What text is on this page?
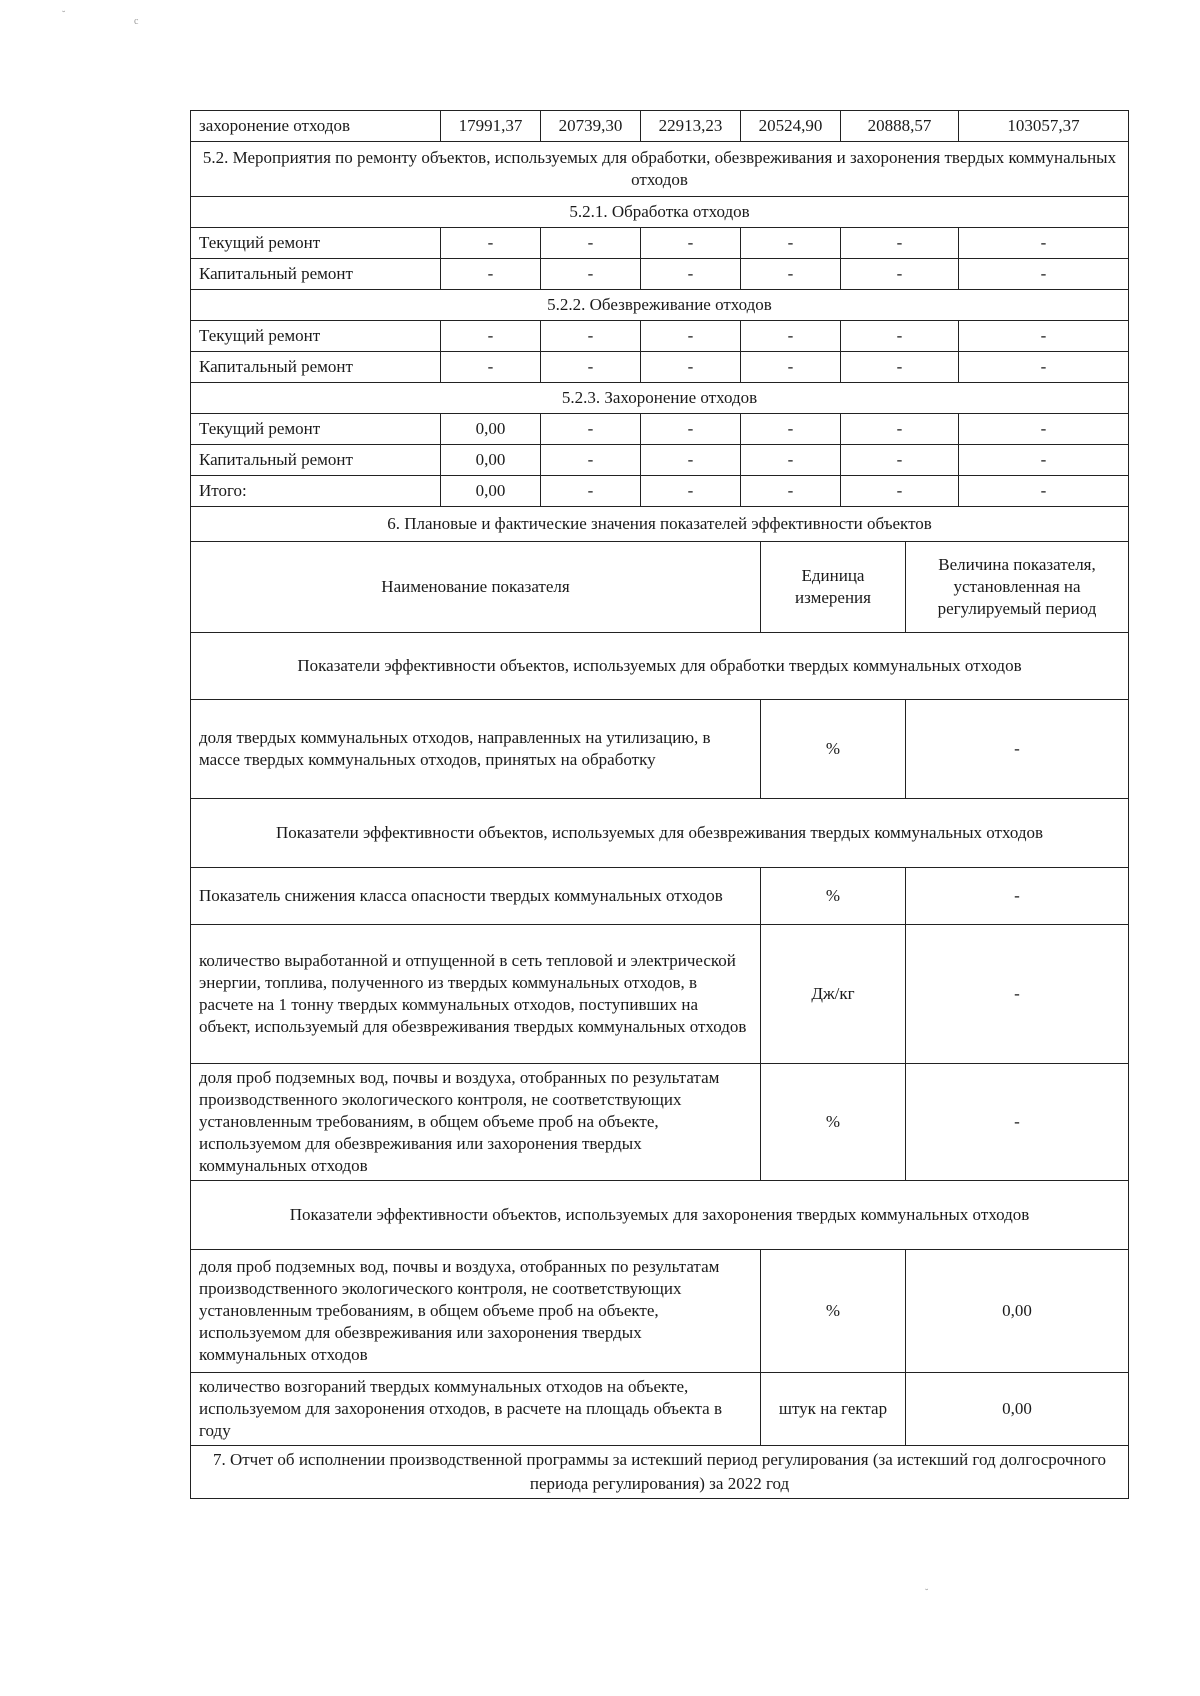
˘
c
захоронение отходов	17991,37	20739,30	22913,23	20524,90	20888,57	103057,37
5.2. Мероприятия по ремонту объектов, используемых для обработки, обезвреживания и захоронения твердых коммунальных отходов						
5.2.1. Обработка отходов						
Текущий ремонт	-	-	-	-	-	-
Капитальный ремонт	-	-	-	-	-	-
5.2.2. Обезвреживание отходов						
Текущий ремонт	-	-	-	-	-	-
Капитальный ремонт	-	-	-	-	-	-
5.2.3. Захоронение отходов						
Текущий ремонт	0,00	-	-	-	-	-
Капитальный ремонт	0,00	-	-	-	-	-
Итого:	0,00	-	-	-	-	-
6. Плановые и фактические значения показателей эффективности объектов		
Наименование показателя	Единица измерения	Величина показателя, установленная на регулируемый период
Показатели эффективности объектов, используемых для обработки твердых коммунальных отходов		
доля твердых коммунальных отходов, направленных на утилизацию, в массе твердых коммунальных отходов, принятых на обработку	%	-
Показатели эффективности объектов, используемых для обезвреживания твердых коммунальных отходов		
Показатель снижения класса опасности твердых коммунальных отходов	%	-
количество выработанной и отпущенной в сеть тепловой и электрической энергии, топлива, полученного из твердых коммунальных отходов, в расчете на 1 тонну твердых коммунальных отходов, поступивших на объект, используемый для обезвреживания твердых коммунальных отходов	Дж/кг	-
доля проб подземных вод, почвы и воздуха, отобранных по результатам производственного экологического контроля, не соответствующих установленным требованиям, в общем объеме проб на объекте, используемом для обезвреживания или захоронения твердых коммунальных отходов	%	-
Показатели эффективности объектов, используемых для захоронения твердых коммунальных отходов		
доля проб подземных вод, почвы и воздуха, отобранных по результатам производственного экологического контроля, не соответствующих установленным требованиям, в общем объеме проб на объекте, используемом для обезвреживания или захоронения твердых коммунальных отходов	%	0,00
количество возгораний твердых коммунальных отходов на объекте, используемом для захоронения отходов, в расчете на площадь объекта в году	штук на гектар	0,00
7. Отчет об исполнении производственной программы за истекший период регулирования (за истекший год долгосрочного периода регулирования) за 2022 год		
˘
